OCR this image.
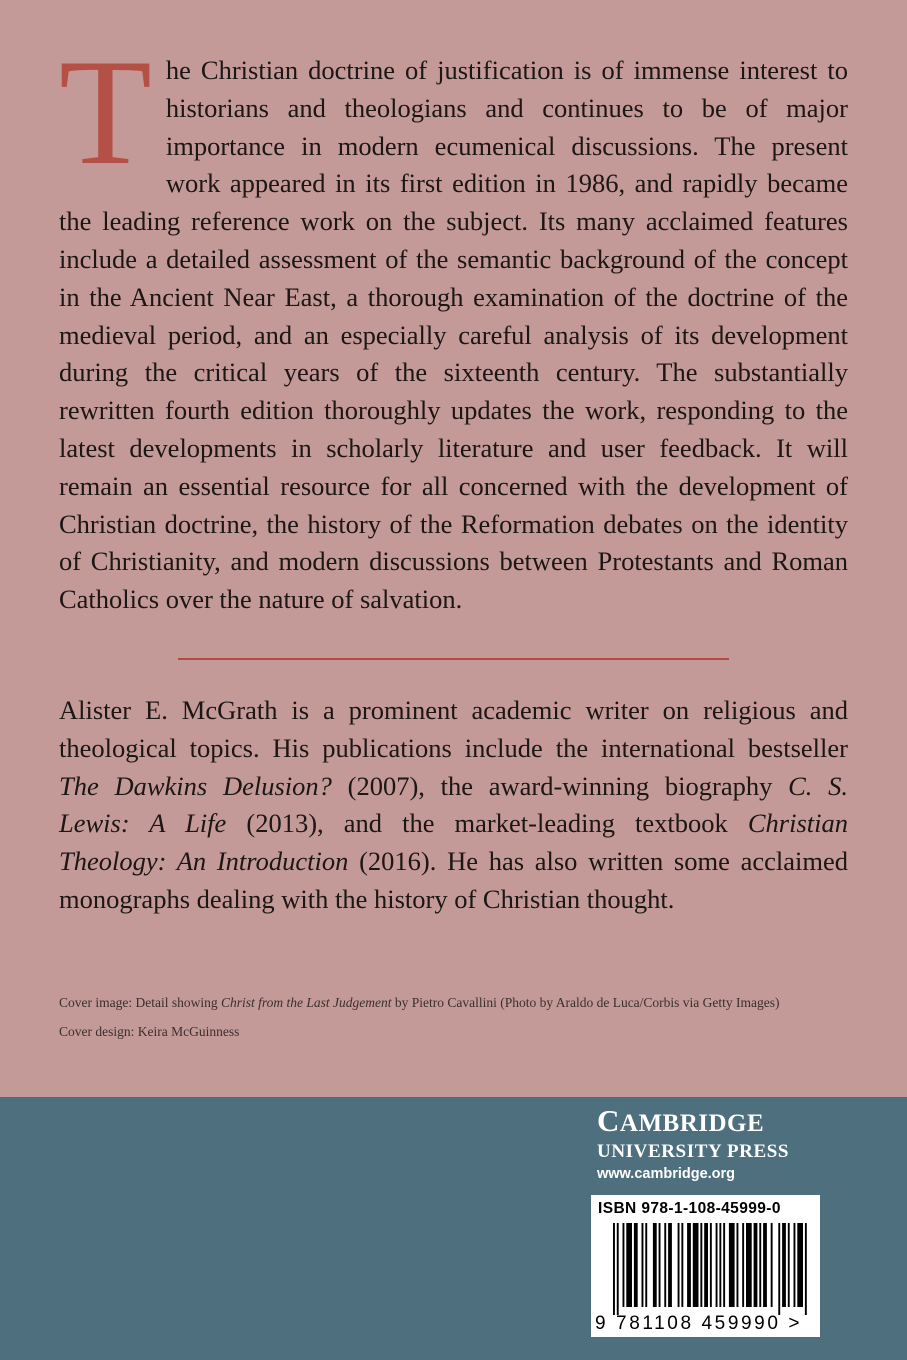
The Christian doctrine of justification is of immense interest to historians and theologians and continues to be of major importance in modern ecumenical discussions. The present work appeared in its first edition in 1986, and rapidly became the leading reference work on the subject. Its many acclaimed features include a detailed assessment of the semantic background of the concept in the Ancient Near East, a thorough examination of the doctrine of the medieval period, and an especially careful analysis of its development during the critical years of the sixteenth century. The substantially rewritten fourth edition thoroughly updates the work, responding to the latest developments in scholarly literature and user feedback. It will remain an essential resource for all concerned with the development of Christian doctrine, the history of the Reformation debates on the identity of Christianity, and modern discussions between Protestants and Roman Catholics over the nature of salvation.

Alister E. McGrath is a prominent academic writer on religious and theological topics. His publications include the international bestseller The Dawkins Delusion? (2007), the award-winning biography C. S. Lewis: A Life (2013), and the market-leading textbook Christian Theology: An Introduction (2016). He has also written some acclaimed monographs dealing with the history of Christian thought.

Cover image: Detail showing Christ from the Last Judgement by Pietro Cavallini (Photo by Araldo de Luca/Corbis via Getty Images)
Cover design: Keira McGuinness
CAMBRIDGE
UNIVERSITY PRESS
www.cambridge.org
ISBN 978-1-108-45999-0
9 781108 459990 >
